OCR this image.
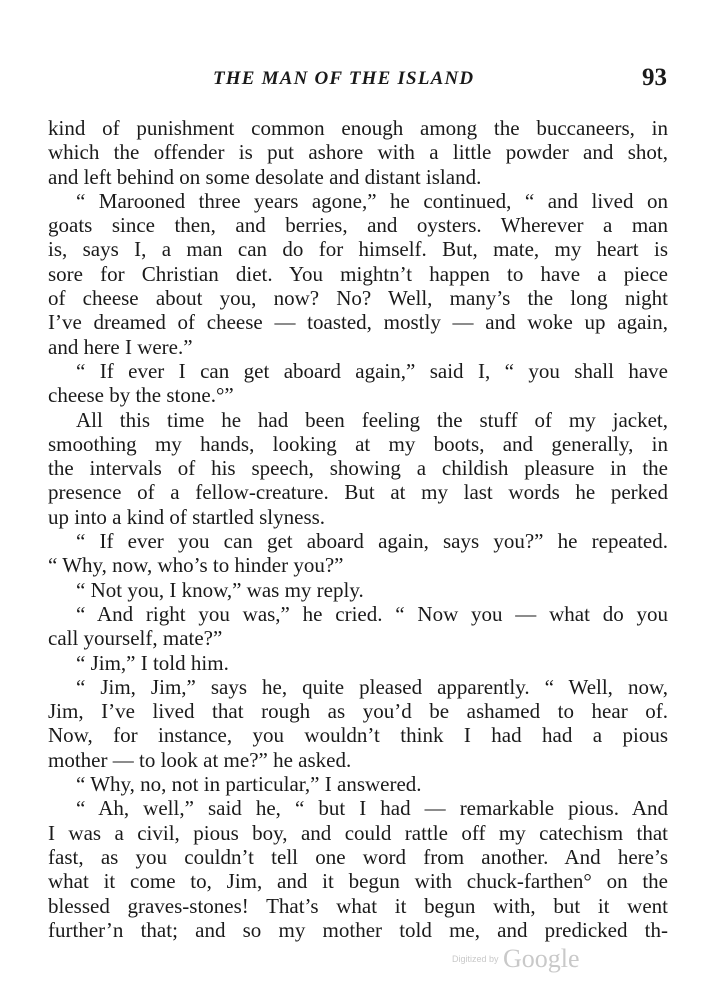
THE MAN OF THE ISLAND	93
kind of punishment common enough among the buccaneers, in
which the offender is put ashore with a little powder and shot,
and left behind on some desolate and distant island.
“ Marooned three years agone,” he continued, “ and lived on
goats since then, and berries, and oysters. Wherever a man
is, says I, a man can do for himself. But, mate, my heart is
sore for Christian diet. You mightn’t happen to have a piece
of cheese about you, now? No? Well, many’s the long night
I’ve dreamed of cheese — toasted, mostly — and woke up again,
and here I were.”
“ If ever I can get aboard again,” said I, “ you shall have
cheese by the stone.°”
All this time he had been feeling the stuff of my jacket,
smoothing my hands, looking at my boots, and generally, in
the intervals of his speech, showing a childish pleasure in the
presence of a fellow-creature. But at my last words he perked
up into a kind of startled slyness.
“ If ever you can get aboard again, says you?” he repeated.
“ Why, now, who’s to hinder you?”
“ Not you, I know,” was my reply.
“ And right you was,” he cried. “ Now you — what do you
call yourself, mate?”
“ Jim,” I told him.
“ Jim, Jim,” says he, quite pleased apparently. “ Well, now,
Jim, I’ve lived that rough as you’d be ashamed to hear of.
Now, for instance, you wouldn’t think I had had a pious
mother — to look at me?” he asked.
“ Why, no, not in particular,” I answered.
“ Ah, well,” said he, “ but I had — remarkable pious. And
I was a civil, pious boy, and could rattle off my catechism that
fast, as you couldn’t tell one word from another. And here’s
what it come to, Jim, and it begun with chuck-farthen° on the
blessed graves-stones! That’s what it begun with, but it went
further’n that; and so my mother told me, and predicked th-
Digitized by Google
